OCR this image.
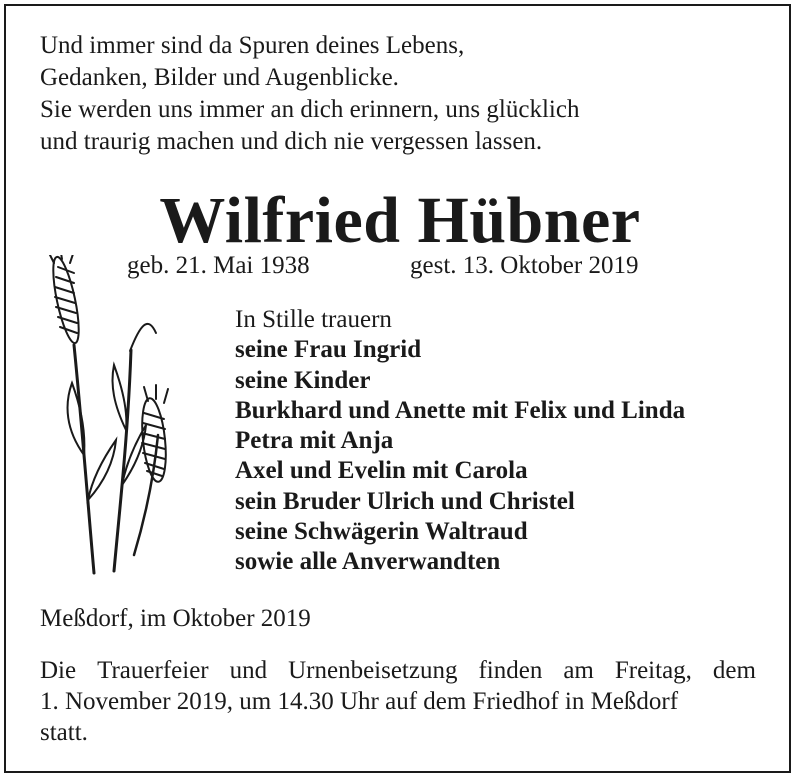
Und immer sind da Spuren deines Lebens,
Gedanken, Bilder und Augenblicke.
Sie werden uns immer an dich erinnern, uns glücklich
und traurig machen und dich nie vergessen lassen.
Wilfried Hübner
geb. 21. Mai 1938	gest. 13. Oktober 2019
In Stille trauern
seine Frau Ingrid
seine Kinder
Burkhard und Anette mit Felix und Linda
Petra mit Anja
Axel und Evelin mit Carola
sein Bruder Ulrich und Christel
seine Schwägerin Waltraud
sowie alle Anverwandten
Meßdorf, im Oktober 2019
Die Trauerfeier und Urnenbeisetzung finden am Freitag, dem
1. November 2019, um 14.30 Uhr auf dem Friedhof in Meßdorf
statt.
